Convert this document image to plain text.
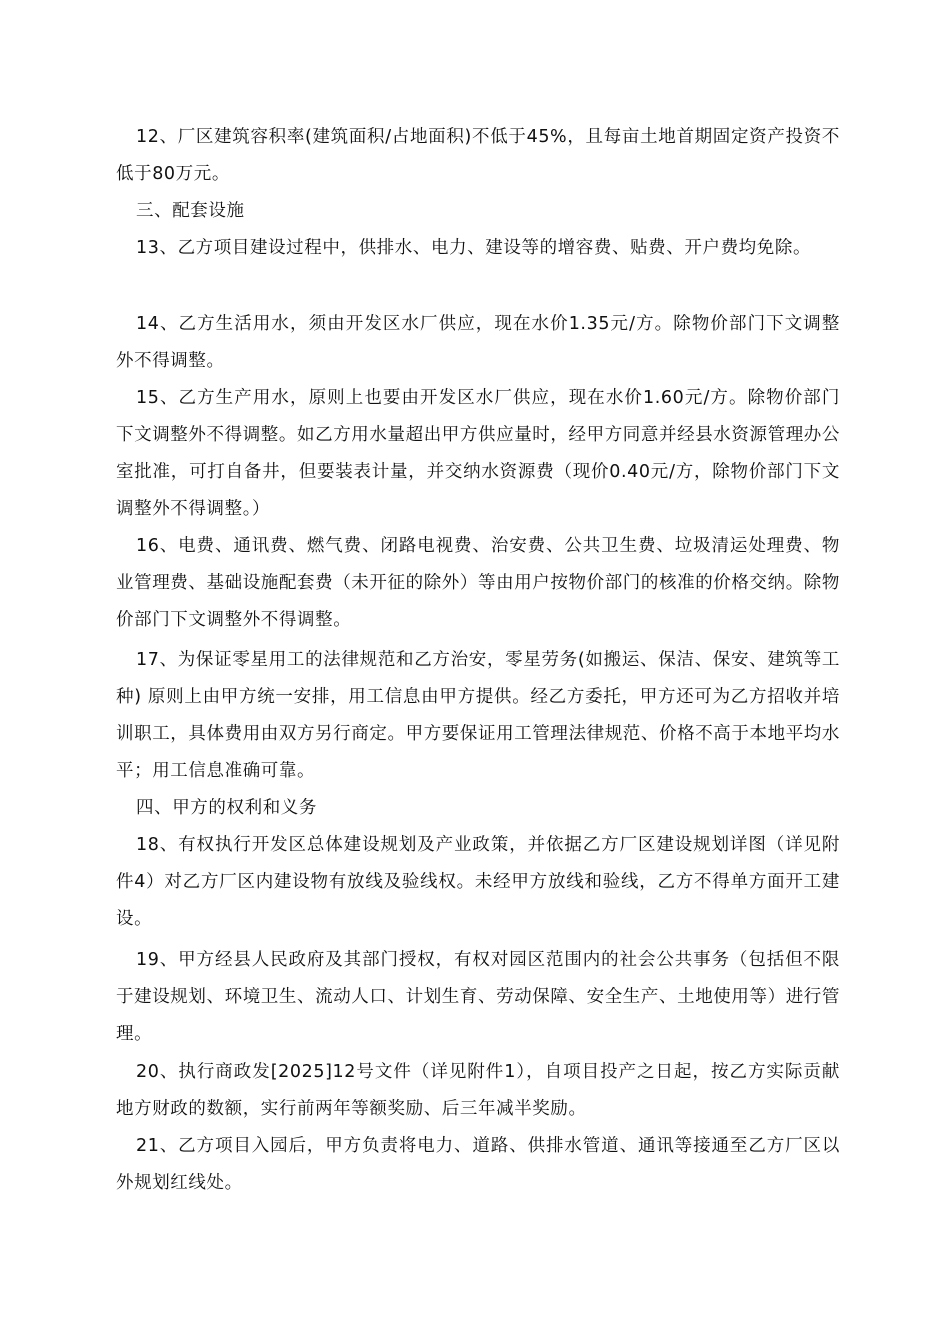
12、厂区建筑容积率(建筑面积/占地面积)不低于45%，且每亩土地首期固定资产投资不低于80万元。

三、配套设施

13、乙方项目建设过程中，供排水、电力、建设等的增容费、贴费、开户费均免除。

14、乙方生活用水，须由开发区水厂供应，现在水价1.35元/方。除物价部门下文调整外不得调整。

15、乙方生产用水，原则上也要由开发区水厂供应，现在水价1.60元/方。除物价部门下文调整外不得调整。如乙方用水量超出甲方供应量时，经甲方同意并经县水资源管理办公室批准，可打自备井，但要装表计量，并交纳水资源费（现价0.40元/方，除物价部门下文调整外不得调整。）

16、电费、通讯费、燃气费、闭路电视费、治安费、公共卫生费、垃圾清运处理费、物业管理费、基础设施配套费（未开征的除外）等由用户按物价部门的核准的价格交纳。除物价部门下文调整外不得调整。

17、为保证零星用工的法律规范和乙方治安，零星劳务(如搬运、保洁、保安、建筑等工种) 原则上由甲方统一安排，用工信息由甲方提供。经乙方委托，甲方还可为乙方招收并培训职工，具体费用由双方另行商定。甲方要保证用工管理法律规范、价格不高于本地平均水平；用工信息准确可靠。

四、甲方的权利和义务

18、有权执行开发区总体建设规划及产业政策，并依据乙方厂区建设规划详图（详见附件4）对乙方厂区内建设物有放线及验线权。未经甲方放线和验线，乙方不得单方面开工建设。

19、甲方经县人民政府及其部门授权，有权对园区范围内的社会公共事务（包括但不限于建设规划、环境卫生、流动人口、计划生育、劳动保障、安全生产、土地使用等）进行管理。

20、执行商政发[2025]12号文件（详见附件1），自项目投产之日起，按乙方实际贡献地方财政的数额，实行前两年等额奖励、后三年减半奖励。

21、乙方项目入园后，甲方负责将电力、道路、供排水管道、通讯等接通至乙方厂区以外规划红线处。
